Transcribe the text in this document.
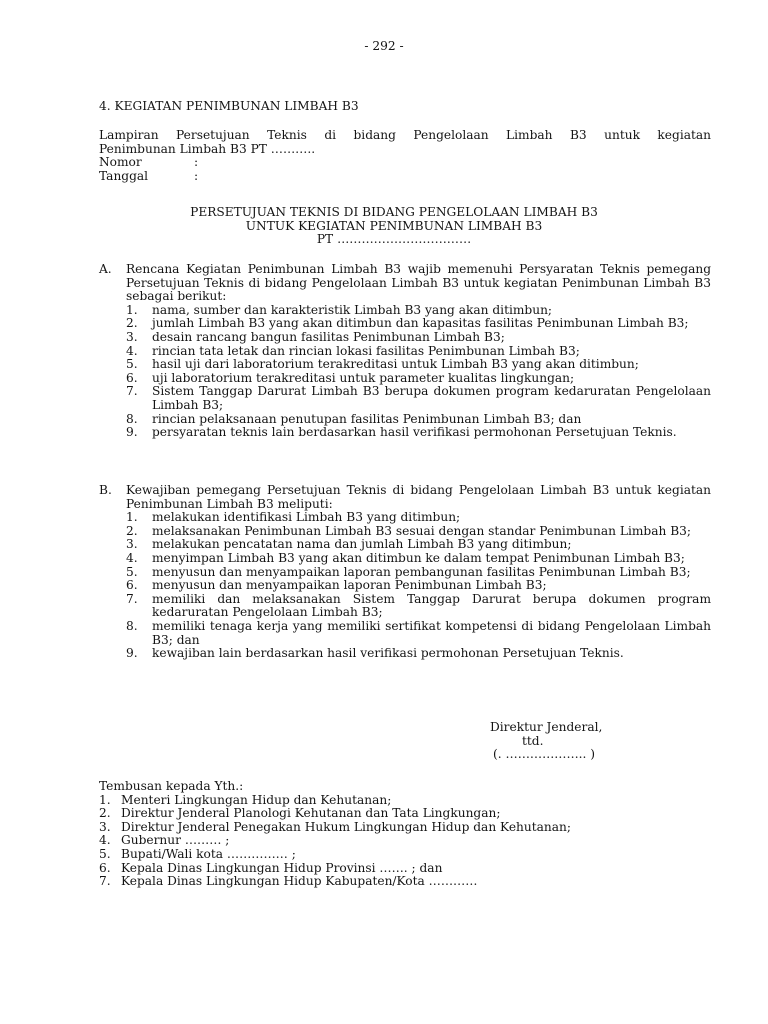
- 292 -
4. KEGIATAN PENIMBUNAN LIMBAH B3
Lampiran Persetujuan Teknis di bidang Pengelolaan Limbah B3 untuk kegiatan
Penimbunan Limbah B3 PT ………..
Nomor	:
Tanggal	:
PERSETUJUAN TEKNIS DI BIDANG PENGELOLAAN LIMBAH B3
UNTUK KEGIATAN PENIMBUNAN LIMBAH B3
PT ……………………………
A.	Rencana Kegiatan Penimbunan Limbah B3 wajib memenuhi Persyaratan Teknis pemegang Persetujuan Teknis di bidang Pengelolaan Limbah B3 untuk kegiatan Penimbunan Limbah B3 sebagai berikut:
1.	nama, sumber dan karakteristik Limbah B3 yang akan ditimbun;
2.	jumlah Limbah B3 yang akan ditimbun dan kapasitas fasilitas Penimbunan Limbah B3;
3.	desain rancang bangun fasilitas Penimbunan Limbah B3;
4.	rincian tata letak dan rincian lokasi fasilitas Penimbunan Limbah B3;
5.	hasil uji dari laboratorium terakreditasi untuk Limbah B3 yang akan ditimbun;
6.	uji laboratorium terakreditasi untuk parameter kualitas lingkungan;
7.	Sistem Tanggap Darurat Limbah B3 berupa dokumen program kedaruratan Pengelolaan Limbah B3;
8.	rincian pelaksanaan penutupan fasilitas Penimbunan Limbah B3; dan
9.	persyaratan teknis lain berdasarkan hasil verifikasi permohonan Persetujuan Teknis.
B.	Kewajiban pemegang Persetujuan Teknis di bidang Pengelolaan Limbah B3 untuk kegiatan Penimbunan Limbah B3 meliputi:
1.	melakukan identifikasi Limbah B3 yang ditimbun;
2.	melaksanakan Penimbunan Limbah B3 sesuai dengan standar Penimbunan Limbah B3;
3.	melakukan pencatatan nama dan jumlah Limbah B3 yang ditimbun;
4.	menyimpan Limbah B3 yang akan ditimbun ke dalam tempat Penimbunan Limbah B3;
5.	menyusun dan menyampaikan laporan pembangunan fasilitas Penimbunan Limbah B3;
6.	menyusun dan menyampaikan laporan Penimbunan Limbah B3;
7.	memiliki dan melaksanakan Sistem Tanggap Darurat berupa dokumen program kedaruratan Pengelolaan Limbah B3;
8.	memiliki tenaga kerja yang memiliki sertifikat kompetensi di bidang Pengelolaan Limbah B3; dan
9.	kewajiban lain berdasarkan hasil verifikasi permohonan Persetujuan Teknis.
Direktur Jenderal,
ttd.
(. ……………….. )
Tembusan kepada Yth.:
1. Menteri Lingkungan Hidup dan Kehutanan;
2. Direktur Jenderal Planologi Kehutanan dan Tata Lingkungan;
3. Direktur Jenderal Penegakan Hukum Lingkungan Hidup dan Kehutanan;
4. Gubernur ……… ;
5. Bupati/Wali kota …………… ;
6. Kepala Dinas Lingkungan Hidup Provinsi ……. ; dan
7. Kepala Dinas Lingkungan Hidup Kabupaten/Kota …………
